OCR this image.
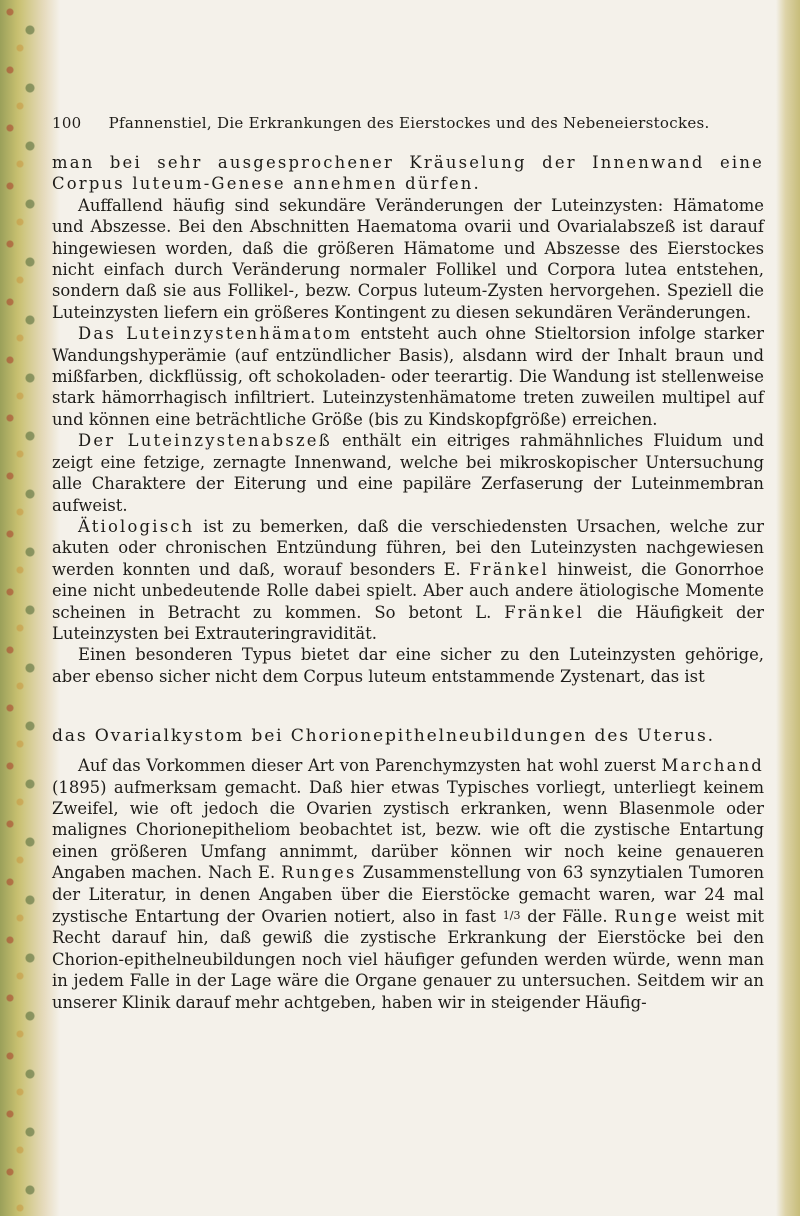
100 Pfannenstiel, Die Erkrankungen des Eierstockes und des Nebeneierstockes.

man bei sehr ausgesprochener Kräuselung der Innenwand eine Corpus luteum-Genese annehmen dürfen.

Auffallend häufig sind sekundäre Veränderungen der Luteinzysten: Hämatome und Abszesse. Bei den Abschnitten Haematoma ovarii und Ovarialabszeß ist darauf hingewiesen worden, daß die größeren Hämatome und Abszesse des Eierstockes nicht einfach durch Veränderung normaler Follikel und Corpora lutea entstehen, sondern daß sie aus Follikel-, bezw. Corpus luteum-Zysten hervorgehen. Speziell die Luteinzysten liefern ein größeres Kontingent zu diesen sekundären Veränderungen.

Das Luteinzystenhämatom entsteht auch ohne Stieltorsion infolge starker Wandungshyperämie (auf entzündlicher Basis), alsdann wird der Inhalt braun und mißfarben, dickflüssig, oft schokoladen- oder teerartig. Die Wandung ist stellenweise stark hämorrhagisch infiltriert. Luteinzystenhämatome treten zuweilen multipel auf und können eine beträchtliche Größe (bis zu Kindskopfgröße) erreichen.

Der Luteinzystenabszeß enthält ein eitriges rahmähnliches Fluidum und zeigt eine fetzige, zernagte Innenwand, welche bei mikroskopischer Untersuchung alle Charaktere der Eiterung und eine papiläre Zerfaserung der Luteinmembran aufweist.

Ätiologisch ist zu bemerken, daß die verschiedensten Ursachen, welche zur akuten oder chronischen Entzündung führen, bei den Luteinzysten nachgewiesen werden konnten und daß, worauf besonders E. Fränkel hinweist, die Gonorrhoe eine nicht unbedeutende Rolle dabei spielt. Aber auch andere ätiologische Momente scheinen in Betracht zu kommen. So betont L. Fränkel die Häufigkeit der Luteinzysten bei Extrauteringravidität.

Einen besonderen Typus bietet dar eine sicher zu den Luteinzysten gehörige, aber ebenso sicher nicht dem Corpus luteum entstammende Zystenart, das ist

das Ovarialkystom bei Chorionepithelneubildungen des Uterus.

Auf das Vorkommen dieser Art von Parenchymzysten hat wohl zuerst Marchand (1895) aufmerksam gemacht. Daß hier etwas Typisches vorliegt, unterliegt keinem Zweifel, wie oft jedoch die Ovarien zystisch erkranken, wenn Blasenmole oder malignes Chorionepitheliom beobachtet ist, bezw. wie oft die zystische Entartung einen größeren Umfang annimmt, darüber können wir noch keine genaueren Angaben machen. Nach E. Runges Zusammenstellung von 63 synzytialen Tumoren der Literatur, in denen Angaben über die Eierstöcke gemacht waren, war 24 mal zystische Entartung der Ovarien notiert, also in fast 1/3 der Fälle. Runge weist mit Recht darauf hin, daß gewiß die zystische Erkrankung der Eierstöcke bei den Chorion-epithelneubildungen noch viel häufiger gefunden werden würde, wenn man in jedem Falle in der Lage wäre die Organe genauer zu untersuchen. Seitdem wir an unserer Klinik darauf mehr achtgeben, haben wir in steigender Häufig-
